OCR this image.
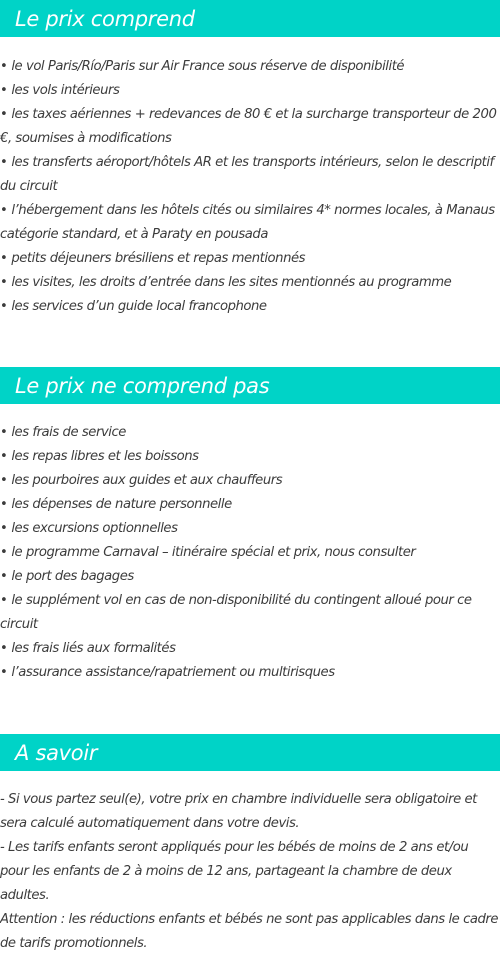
Le prix comprend
• le vol Paris/Río/Paris sur Air France sous réserve de disponibilité
• les vols intérieurs
• les taxes aériennes + redevances de 80 € et la surcharge transporteur de 200 €, soumises à modifications
• les transferts aéroport/hôtels AR et les transports intérieurs, selon le descriptif du circuit
• l’hébergement dans les hôtels cités ou similaires 4* normes locales, à Manaus catégorie standard, et à Paraty en pousada
• petits déjeuners brésiliens et repas mentionnés
• les visites, les droits d’entrée dans les sites mentionnés au programme
• les services d’un guide local francophone
Le prix ne comprend pas
• les frais de service
• les repas libres et les boissons
• les pourboires aux guides et aux chauffeurs
• les dépenses de nature personnelle
• les excursions optionnelles
• le programme Carnaval – itinéraire spécial et prix, nous consulter
• le port des bagages
• le supplément vol en cas de non-disponibilité du contingent alloué pour ce circuit
• les frais liés aux formalités
• l’assurance assistance/rapatriement ou multirisques
A savoir

- Si vous partez seul(e), votre prix en chambre individuelle sera obligatoire et sera calculé automatiquement dans votre devis.

- Les tarifs enfants seront appliqués pour les bébés de moins de 2 ans et/ou pour les enfants de 2 à moins de 12 ans, partageant la chambre de deux adultes.

Attention : les réductions enfants et bébés ne sont pas applicables dans le cadre de tarifs promotionnels.
